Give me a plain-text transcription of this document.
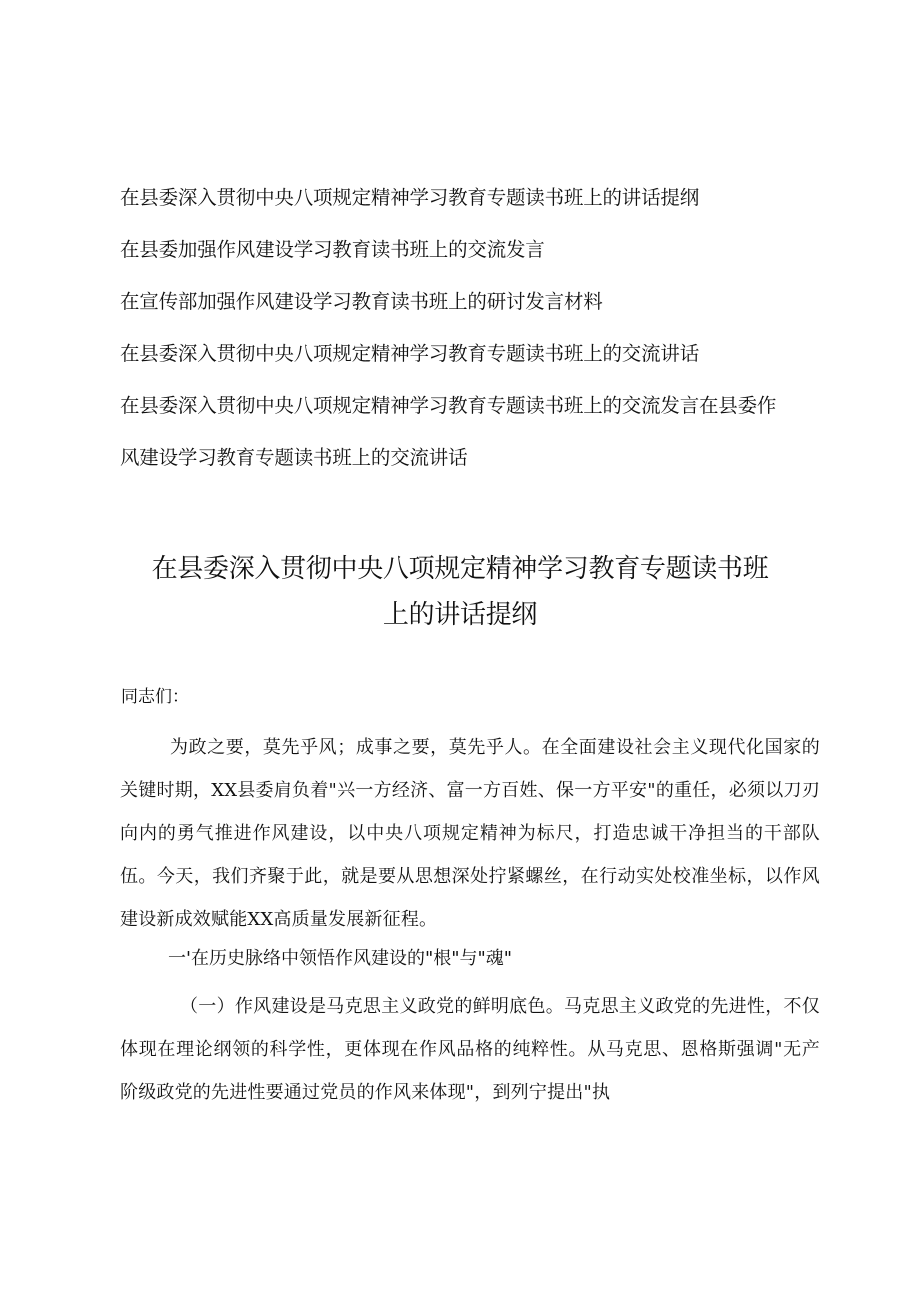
在县委深入贯彻中央八项规定精神学习教育专题读书班上的讲话提纲
在县委加强作风建设学习教育读书班上的交流发言
在宣传部加强作风建设学习教育读书班上的研讨发言材料
在县委深入贯彻中央八项规定精神学习教育专题读书班上的交流讲话
在县委深入贯彻中央八项规定精神学习教育专题读书班上的交流发言在县委作
风建设学习教育专题读书班上的交流讲话
在县委深入贯彻中央八项规定精神学习教育专题读书班
上的讲话提纲

同志们：

为政之要，莫先乎风；成事之要，莫先乎人。在全面建设社会主义现代化国家的关键时期，XX县委肩负着"兴一方经济、富一方百姓、保一方平安"的重任，必须以刀刃向内的勇气推进作风建设，以中央八项规定精神为标尺，打造忠诚干净担当的干部队伍。今天，我们齐聚于此，就是要从思想深处拧紧螺丝，在行动实处校准坐标，以作风建设新成效赋能XX高质量发展新征程。

一'在历史脉络中领悟作风建设的"根"与"魂"

（一）作风建设是马克思主义政党的鲜明底色。马克思主义政党的先进性，不仅体现在理论纲领的科学性，更体现在作风品格的纯粹性。从马克思、恩格斯强调"无产阶级政党的先进性要通过党员的作风来体现"，到列宁提出"执
